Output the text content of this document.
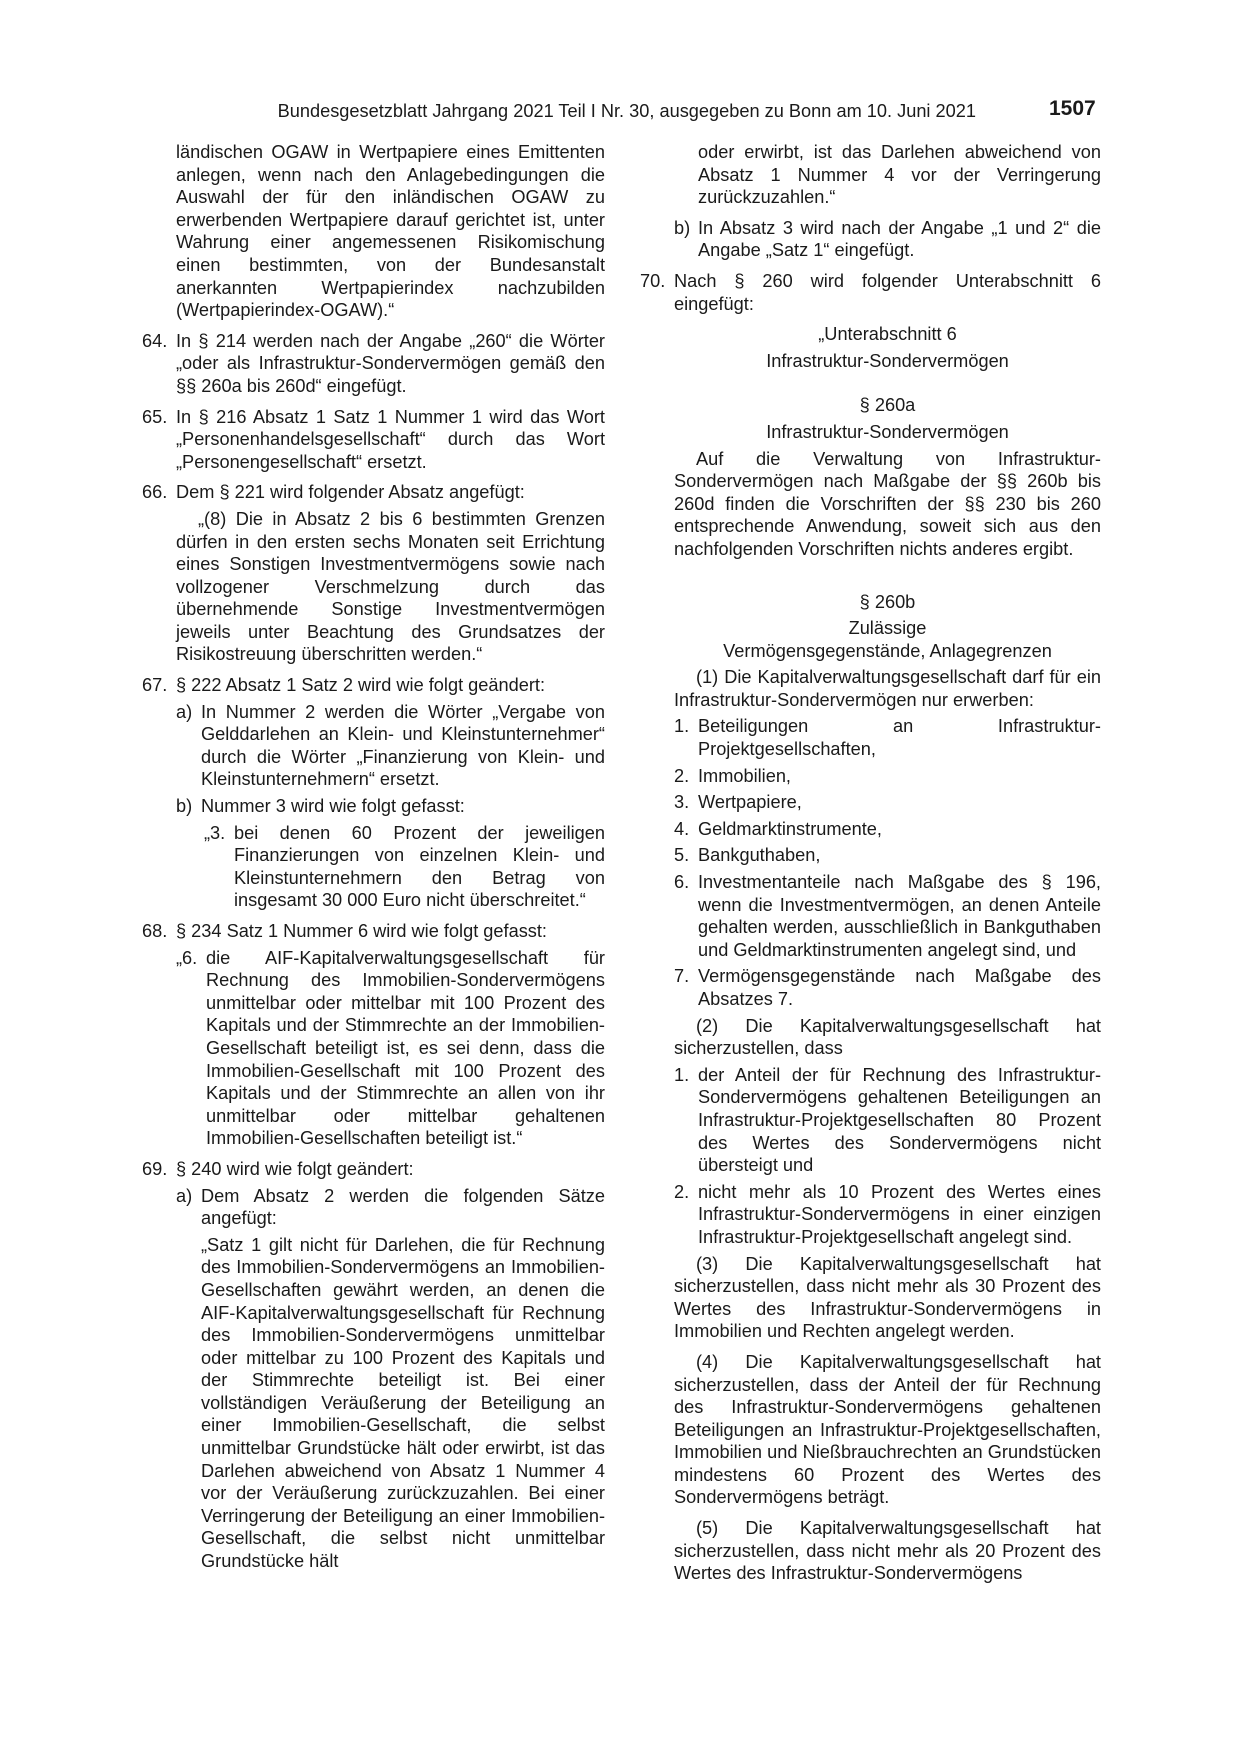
Bundesgesetzblatt Jahrgang 2021 Teil I Nr. 30, ausgegeben zu Bonn am 10. Juni 2021	1507

ländischen OGAW in Wertpapiere eines Emittenten anlegen, wenn nach den Anlagebedingungen die Auswahl der für den inländischen OGAW zu erwerbenden Wertpapiere darauf gerichtet ist, unter Wahrung einer angemessenen Risikomischung einen bestimmten, von der Bundesanstalt anerkannten Wertpapierindex nachzubilden (Wertpapierindex-OGAW).“

64. In § 214 werden nach der Angabe „260“ die Wörter „oder als Infrastruktur-Sondervermögen gemäß den §§ 260a bis 260d“ eingefügt.
65. In § 216 Absatz 1 Satz 1 Nummer 1 wird das Wort „Personenhandelsgesellschaft“ durch das Wort „Personengesellschaft“ ersetzt.
66. Dem § 221 wird folgender Absatz angefügt:

„(8) Die in Absatz 2 bis 6 bestimmten Grenzen dürfen in den ersten sechs Monaten seit Errichtung eines Sonstigen Investmentvermögens sowie nach vollzogener Verschmelzung durch das übernehmende Sonstige Investmentvermögen jeweils unter Beachtung des Grundsatzes der Risikostreuung überschritten werden.“

67. § 222 Absatz 1 Satz 2 wird wie folgt geändert:
a) In Nummer 2 werden die Wörter „Vergabe von Gelddarlehen an Klein- und Kleinstunternehmer“ durch die Wörter „Finanzierung von Klein- und Kleinstunternehmern“ ersetzt.
b) Nummer 3 wird wie folgt gefasst:
„3. bei denen 60 Prozent der jeweiligen Finanzierungen von einzelnen Klein- und Kleinstunternehmern den Betrag von insgesamt 30 000 Euro nicht überschreitet.“
68. § 234 Satz 1 Nummer 6 wird wie folgt gefasst:
„6. die AIF-Kapitalverwaltungsgesellschaft für Rechnung des Immobilien-Sondervermögens unmittelbar oder mittelbar mit 100 Prozent des Kapitals und der Stimmrechte an der Immobilien-Gesellschaft beteiligt ist, es sei denn, dass die Immobilien-Gesellschaft mit 100 Prozent des Kapitals und der Stimmrechte an allen von ihr unmittelbar oder mittelbar gehaltenen Immobilien-Gesellschaften beteiligt ist.“
69. § 240 wird wie folgt geändert:
a) Dem Absatz 2 werden die folgenden Sätze angefügt:

„Satz 1 gilt nicht für Darlehen, die für Rechnung des Immobilien-Sondervermögens an Immobilien-Gesellschaften gewährt werden, an denen die AIF-Kapitalverwaltungsgesellschaft für Rechnung des Immobilien-Sondervermögens unmittelbar oder mittelbar zu 100 Prozent des Kapitals und der Stimmrechte beteiligt ist. Bei einer vollständigen Veräußerung der Beteiligung an einer Immobilien-Gesellschaft, die selbst unmittelbar Grundstücke hält oder erwirbt, ist das Darlehen abweichend von Absatz 1 Nummer 4 vor der Veräußerung zurückzuzahlen. Bei einer Verringerung der Beteiligung an einer Immobilien-Gesellschaft, die selbst nicht unmittelbar Grundstücke hält

oder erwirbt, ist das Darlehen abweichend von Absatz 1 Nummer 4 vor der Verringerung zurückzuzahlen.“

b) In Absatz 3 wird nach der Angabe „1 und 2“ die Angabe „Satz 1“ eingefügt.
70. Nach § 260 wird folgender Unterabschnitt 6 eingefügt:

„Unterabschnitt 6

Infrastruktur-Sondervermögen

§ 260a

Infrastruktur-Sondervermögen

Auf die Verwaltung von Infrastruktur-Sondervermögen nach Maßgabe der §§ 260b bis 260d finden die Vorschriften der §§ 230 bis 260 entsprechende Anwendung, soweit sich aus den nachfolgenden Vorschriften nichts anderes ergibt.

§ 260b

Zulässige

Vermögensgegenstände, Anlagegrenzen

(1) Die Kapitalverwaltungsgesellschaft darf für ein Infrastruktur-Sondervermögen nur erwerben:

1. Beteiligungen an Infrastruktur-Projektgesellschaften,
2. Immobilien,
3. Wertpapiere,
4. Geldmarktinstrumente,
5. Bankguthaben,
6. Investmentanteile nach Maßgabe des § 196, wenn die Investmentvermögen, an denen Anteile gehalten werden, ausschließlich in Bankguthaben und Geldmarktinstrumenten angelegt sind, und
7. Vermögensgegenstände nach Maßgabe des Absatzes 7.

(2) Die Kapitalverwaltungsgesellschaft hat sicherzustellen, dass

1. der Anteil der für Rechnung des Infrastruktur-Sondervermögens gehaltenen Beteiligungen an Infrastruktur-Projektgesellschaften 80 Prozent des Wertes des Sondervermögens nicht übersteigt und
2. nicht mehr als 10 Prozent des Wertes eines Infrastruktur-Sondervermögens in einer einzigen Infrastruktur-Projektgesellschaft angelegt sind.

(3) Die Kapitalverwaltungsgesellschaft hat sicherzustellen, dass nicht mehr als 30 Prozent des Wertes des Infrastruktur-Sondervermögens in Immobilien und Rechten angelegt werden.

(4) Die Kapitalverwaltungsgesellschaft hat sicherzustellen, dass der Anteil der für Rechnung des Infrastruktur-Sondervermögens gehaltenen Beteiligungen an Infrastruktur-Projektgesellschaften, Immobilien und Nießbrauchrechten an Grundstücken mindestens 60 Prozent des Wertes des Sondervermögens beträgt.

(5) Die Kapitalverwaltungsgesellschaft hat sicherzustellen, dass nicht mehr als 20 Prozent des Wertes des Infrastruktur-Sondervermögens
